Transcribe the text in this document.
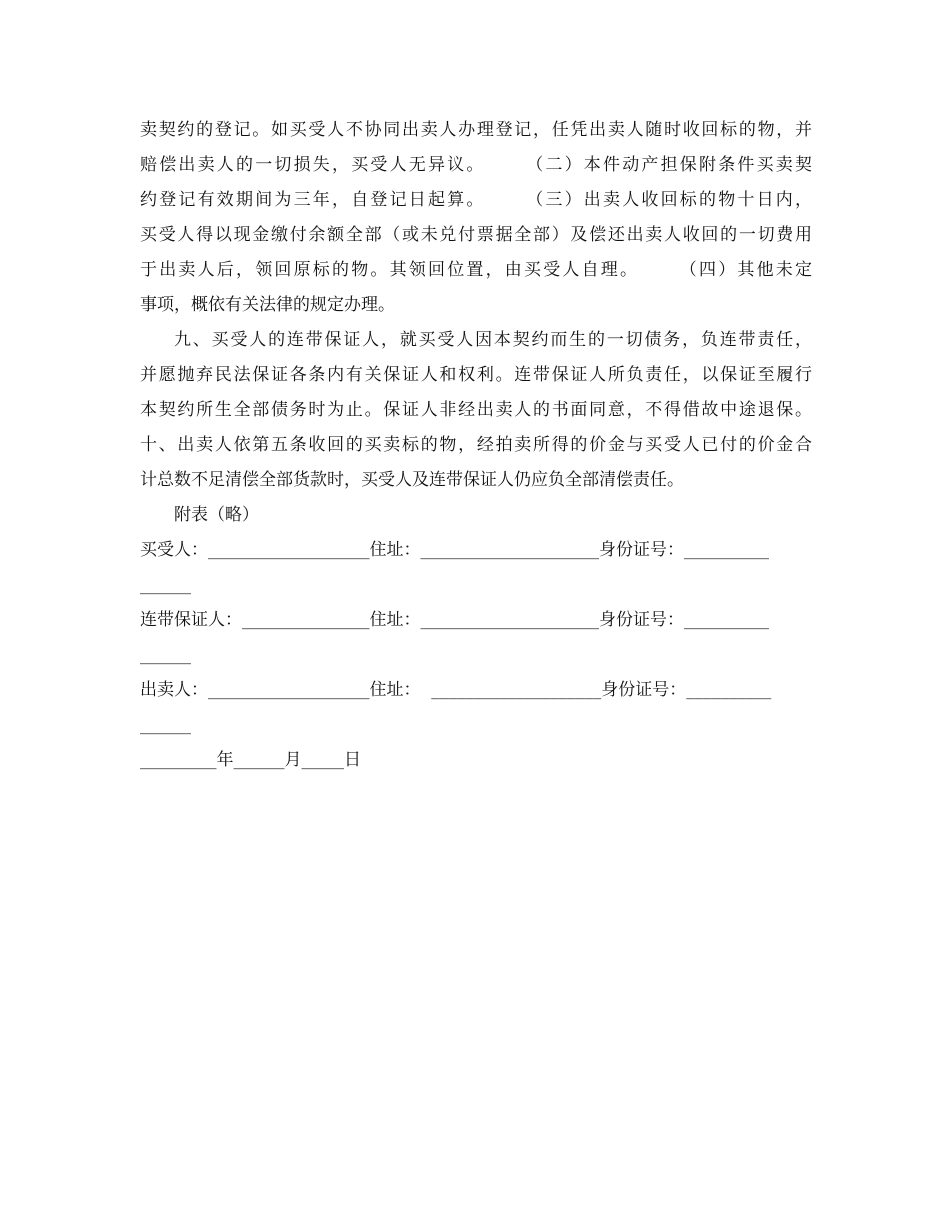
卖契约的登记。如买受人不协同出卖人办理登记，任凭出卖人随时收回标的物，并
赔偿出卖人的一切损失，买受人无异议。　　　（二）本件动产担保附条件买卖契
约登记有效期间为三年，自登记日起算。　　　（三）出卖人收回标的物十日内，
买受人得以现金缴付余额全部（或未兑付票据全部）及偿还出卖人收回的一切费用
于出卖人后，领回原标的物。其领回位置，由买受人自理。　　　（四）其他未定
事项，概依有关法律的规定办理。
九、买受人的连带保证人，就买受人因本契约而生的一切债务，负连带责任，
并愿抛弃民法保证各条内有关保证人和权利。连带保证人所负责任，以保证至履行
本契约所生全部债务时为止。保证人非经出卖人的书面同意，不得借故中途退保。
十、出卖人依第五条收回的买卖标的物，经拍卖所得的价金与买受人已付的价金合
计总数不足清偿全部货款时，买受人及连带保证人仍应负全部清偿责任。
附表（略）
买受人：___________________住址：_____________________身份证号：__________
______
连带保证人：_______________住址：_____________________身份证号：__________
______
出卖人：___________________住址：  ____________________身份证号：__________
______
_________年______月_____日
